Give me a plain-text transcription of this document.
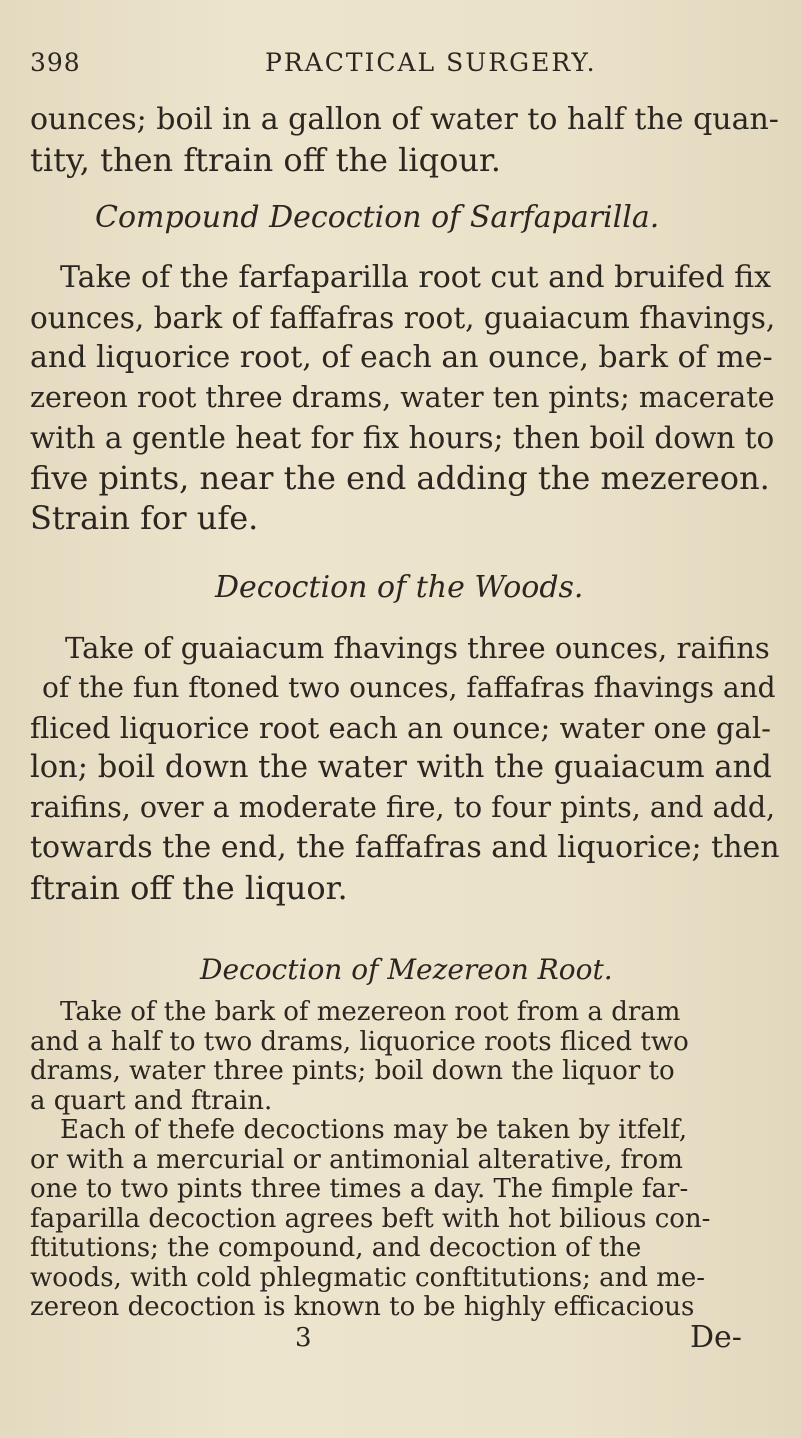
398	PRACTICAL SURGERY.
ounces; boil in a gallon of water to half the quan-
tity, then ftrain off the liqour.
Compound Decoction of Sarfaparilla.
Take of the farfaparilla root cut and bruifed fix
ounces, bark of faffafras root, guaiacum fhavings,
and liquorice root, of each an ounce, bark of me-
zereon root three drams, water ten pints; macerate
with a gentle heat for fix hours; then boil down to
five pints, near the end adding the mezereon.
Strain for ufe.
Decoction of the Woods.
Take of guaiacum fhavings three ounces, raifins
of the fun ftoned two ounces, faffafras fhavings and
fliced liquorice root each an ounce; water one gal-
lon; boil down the water with the guaiacum and
raifins, over a moderate fire, to four pints, and add,
towards the end, the faffafras and liquorice; then
ftrain off the liquor.
Decoction of Mezereon Root.
Take of the bark of mezereon root from a dram
and a half to two drams, liquorice roots fliced two
drams, water three pints; boil down the liquor to
a quart and ftrain.
Each of thefe decoctions may be taken by itfelf,
or with a mercurial or antimonial alterative, from
one to two pints three times a day. The fimple far-
faparilla decoction agrees beft with hot bilious con-
ftitutions; the compound, and decoction of the
woods, with cold phlegmatic conftitutions; and me-
zereon decoction is known to be highly efficacious
3	De-
